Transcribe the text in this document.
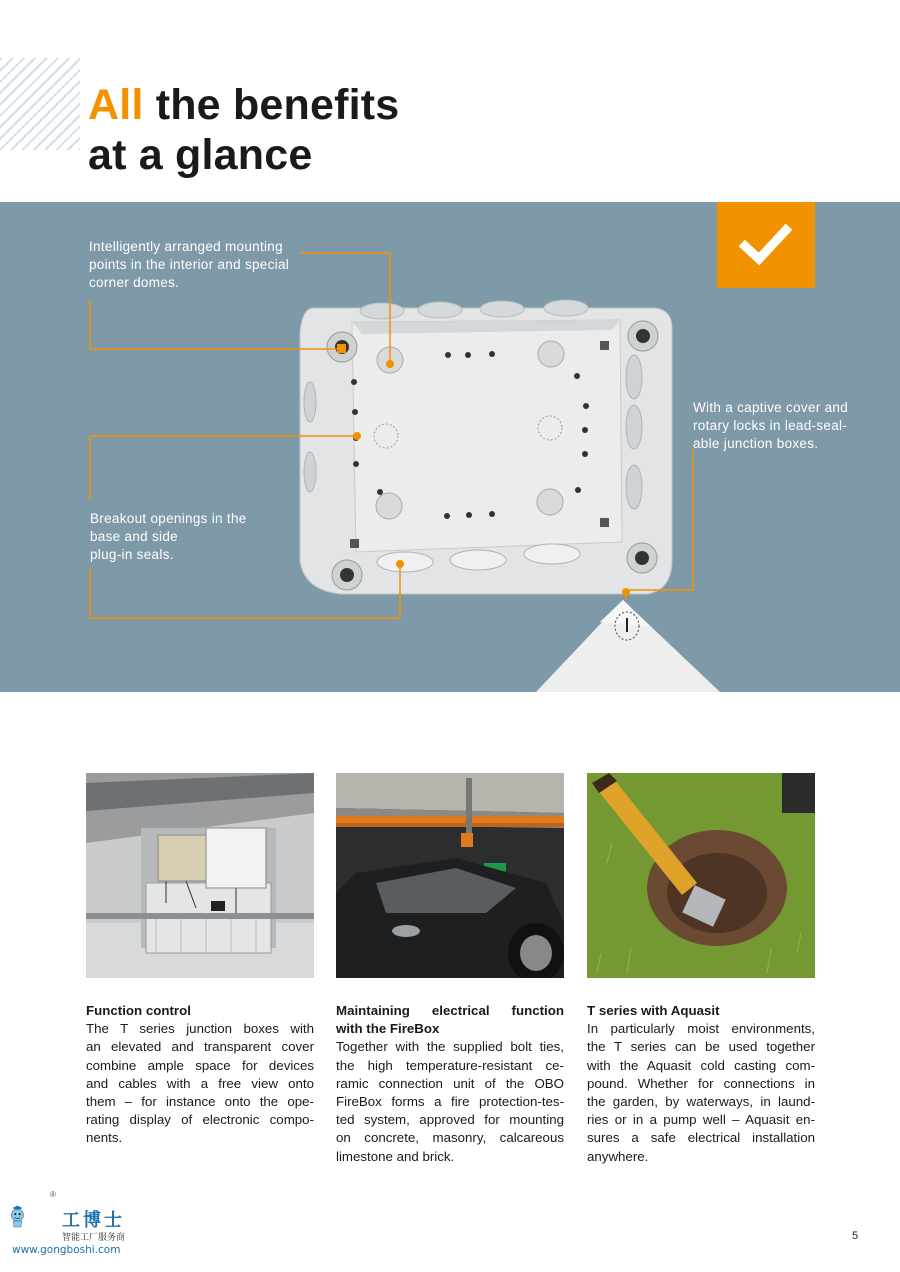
All the benefits
at a glance

Intelligently arranged mounting
points in the interior and special
corner domes.

Breakout openings in the
base and side
plug-in seals.

With a captive cover and
rotary locks in lead-seal-
able junction boxes.

Function control
The T series junction boxes with
an elevated and transparent cover
combine ample space for devices
and cables with a free view onto
them – for instance onto the ope-
rating display of electronic compo-
nents.
Maintaining electrical function
with the FireBox
Together with the supplied bolt ties,
the high temperature-resistant ce-
ramic connection unit of the OBO
FireBox forms a fire protection-tes-
ted system, approved for mounting
on concrete, masonry, calcareous
limestone and brick.
T series with Aquasit
In particularly moist environments,
the T series can be used together
with the Aquasit cold casting com-
pound. Whether for connections in
the garden, by waterways, in laund-
ries or in a pump well – Aquasit en-
sures a safe electrical installation
anywhere.
®
工博士
智能工厂服务商
www.gongboshi.com
5
